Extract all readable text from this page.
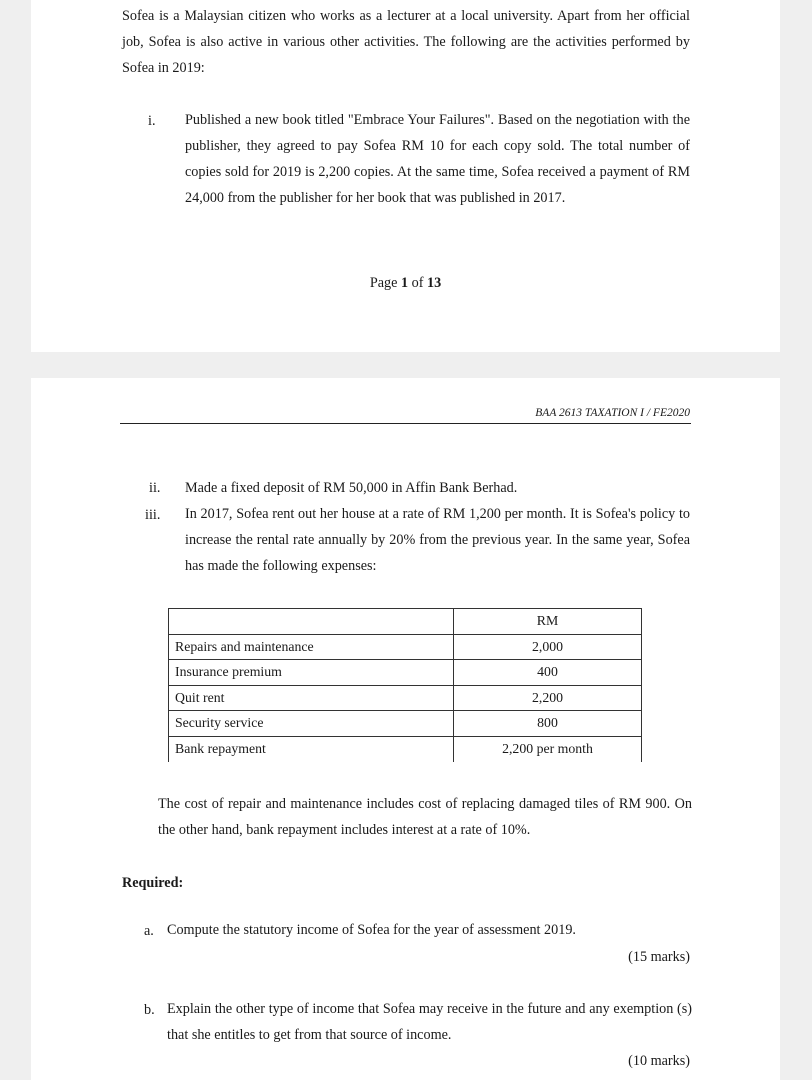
Sofea is a Malaysian citizen who works as a lecturer at a local university. Apart from her official job, Sofea is also active in various other activities. The following are the activities performed by Sofea in 2019:
i. Published a new book titled "Embrace Your Failures". Based on the negotiation with the publisher, they agreed to pay Sofea RM 10 for each copy sold. The total number of copies sold for 2019 is 2,200 copies. At the same time, Sofea received a payment of RM 24,000 from the publisher for her book that was published in 2017.
Page 1 of 13
BAA 2613 TAXATION I / FE2020
ii. Made a fixed deposit of RM 50,000 in Affin Bank Berhad.
iii. In 2017, Sofea rent out her house at a rate of RM 1,200 per month. It is Sofea's policy to increase the rental rate annually by 20% from the previous year. In the same year, Sofea has made the following expenses:
	RM
Repairs and maintenance	2,000
Insurance premium	400
Quit rent	2,200
Security service	800
Bank repayment	2,200 per month
The cost of repair and maintenance includes cost of replacing damaged tiles of RM 900. On the other hand, bank repayment includes interest at a rate of 10%.
Required:
a. Compute the statutory income of Sofea for the year of assessment 2019.
(15 marks)
b. Explain the other type of income that Sofea may receive in the future and any exemption (s) that she entitles to get from that source of income.
(10 marks)
